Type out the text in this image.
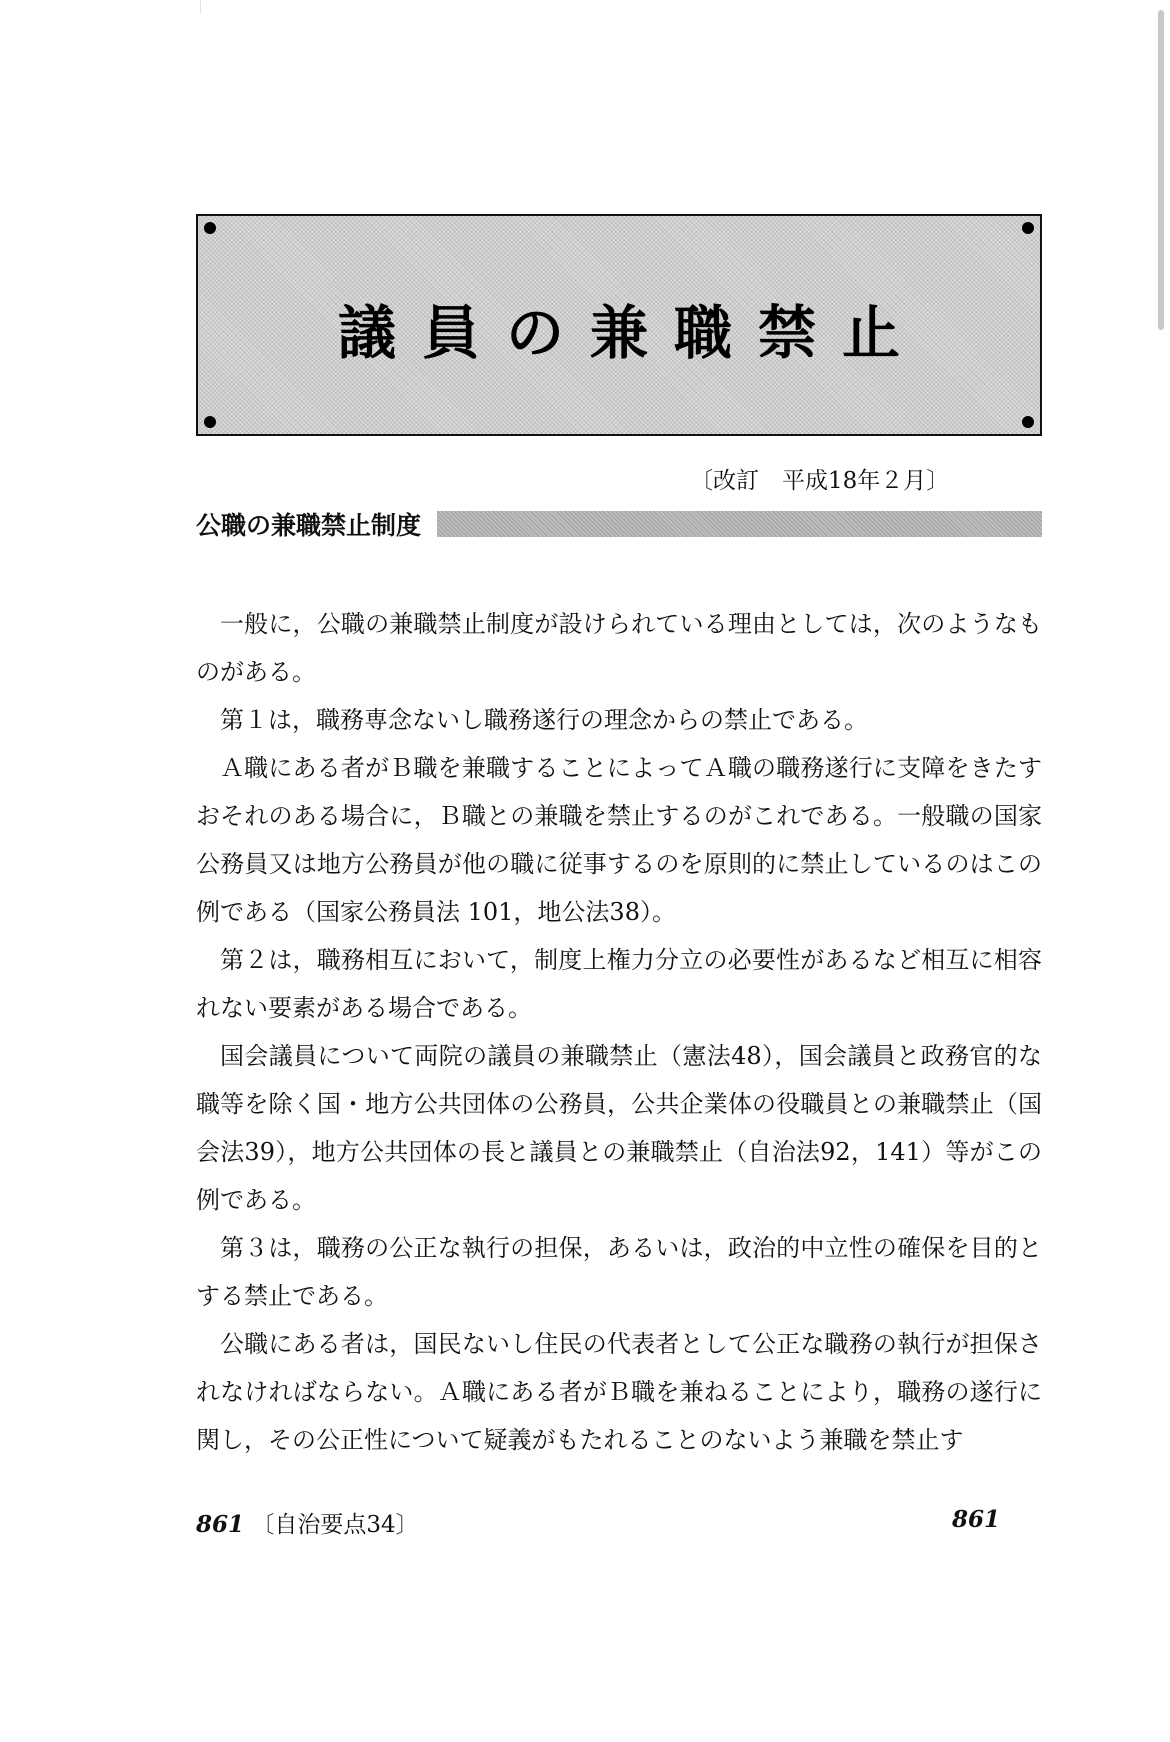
議員の兼職禁止
〔改訂　平成18年２月〕
公職の兼職禁止制度

一般に，公職の兼職禁止制度が設けられている理由としては，次のようなものがある。

第１は，職務専念ないし職務遂行の理念からの禁止である。

Ａ職にある者がＢ職を兼職することによってＡ職の職務遂行に支障をきたすおそれのある場合に，Ｂ職との兼職を禁止するのがこれである。一般職の国家公務員又は地方公務員が他の職に従事するのを原則的に禁止しているのはこの例である（国家公務員法 101，地公法38）。

第２は，職務相互において，制度上権力分立の必要性があるなど相互に相容れない要素がある場合である。

国会議員について両院の議員の兼職禁止（憲法48），国会議員と政務官的な職等を除く国・地方公共団体の公務員，公共企業体の役職員との兼職禁止（国会法39），地方公共団体の長と議員との兼職禁止（自治法92，141）等がこの例である。

第３は，職務の公正な執行の担保，あるいは，政治的中立性の確保を目的とする禁止である。

公職にある者は，国民ないし住民の代表者として公正な職務の執行が担保されなければならない。Ａ職にある者がＢ職を兼ねることにより，職務の遂行に関し，その公正性について疑義がもたれることのないよう兼職を禁止す

861 〔自治要点34〕	861
